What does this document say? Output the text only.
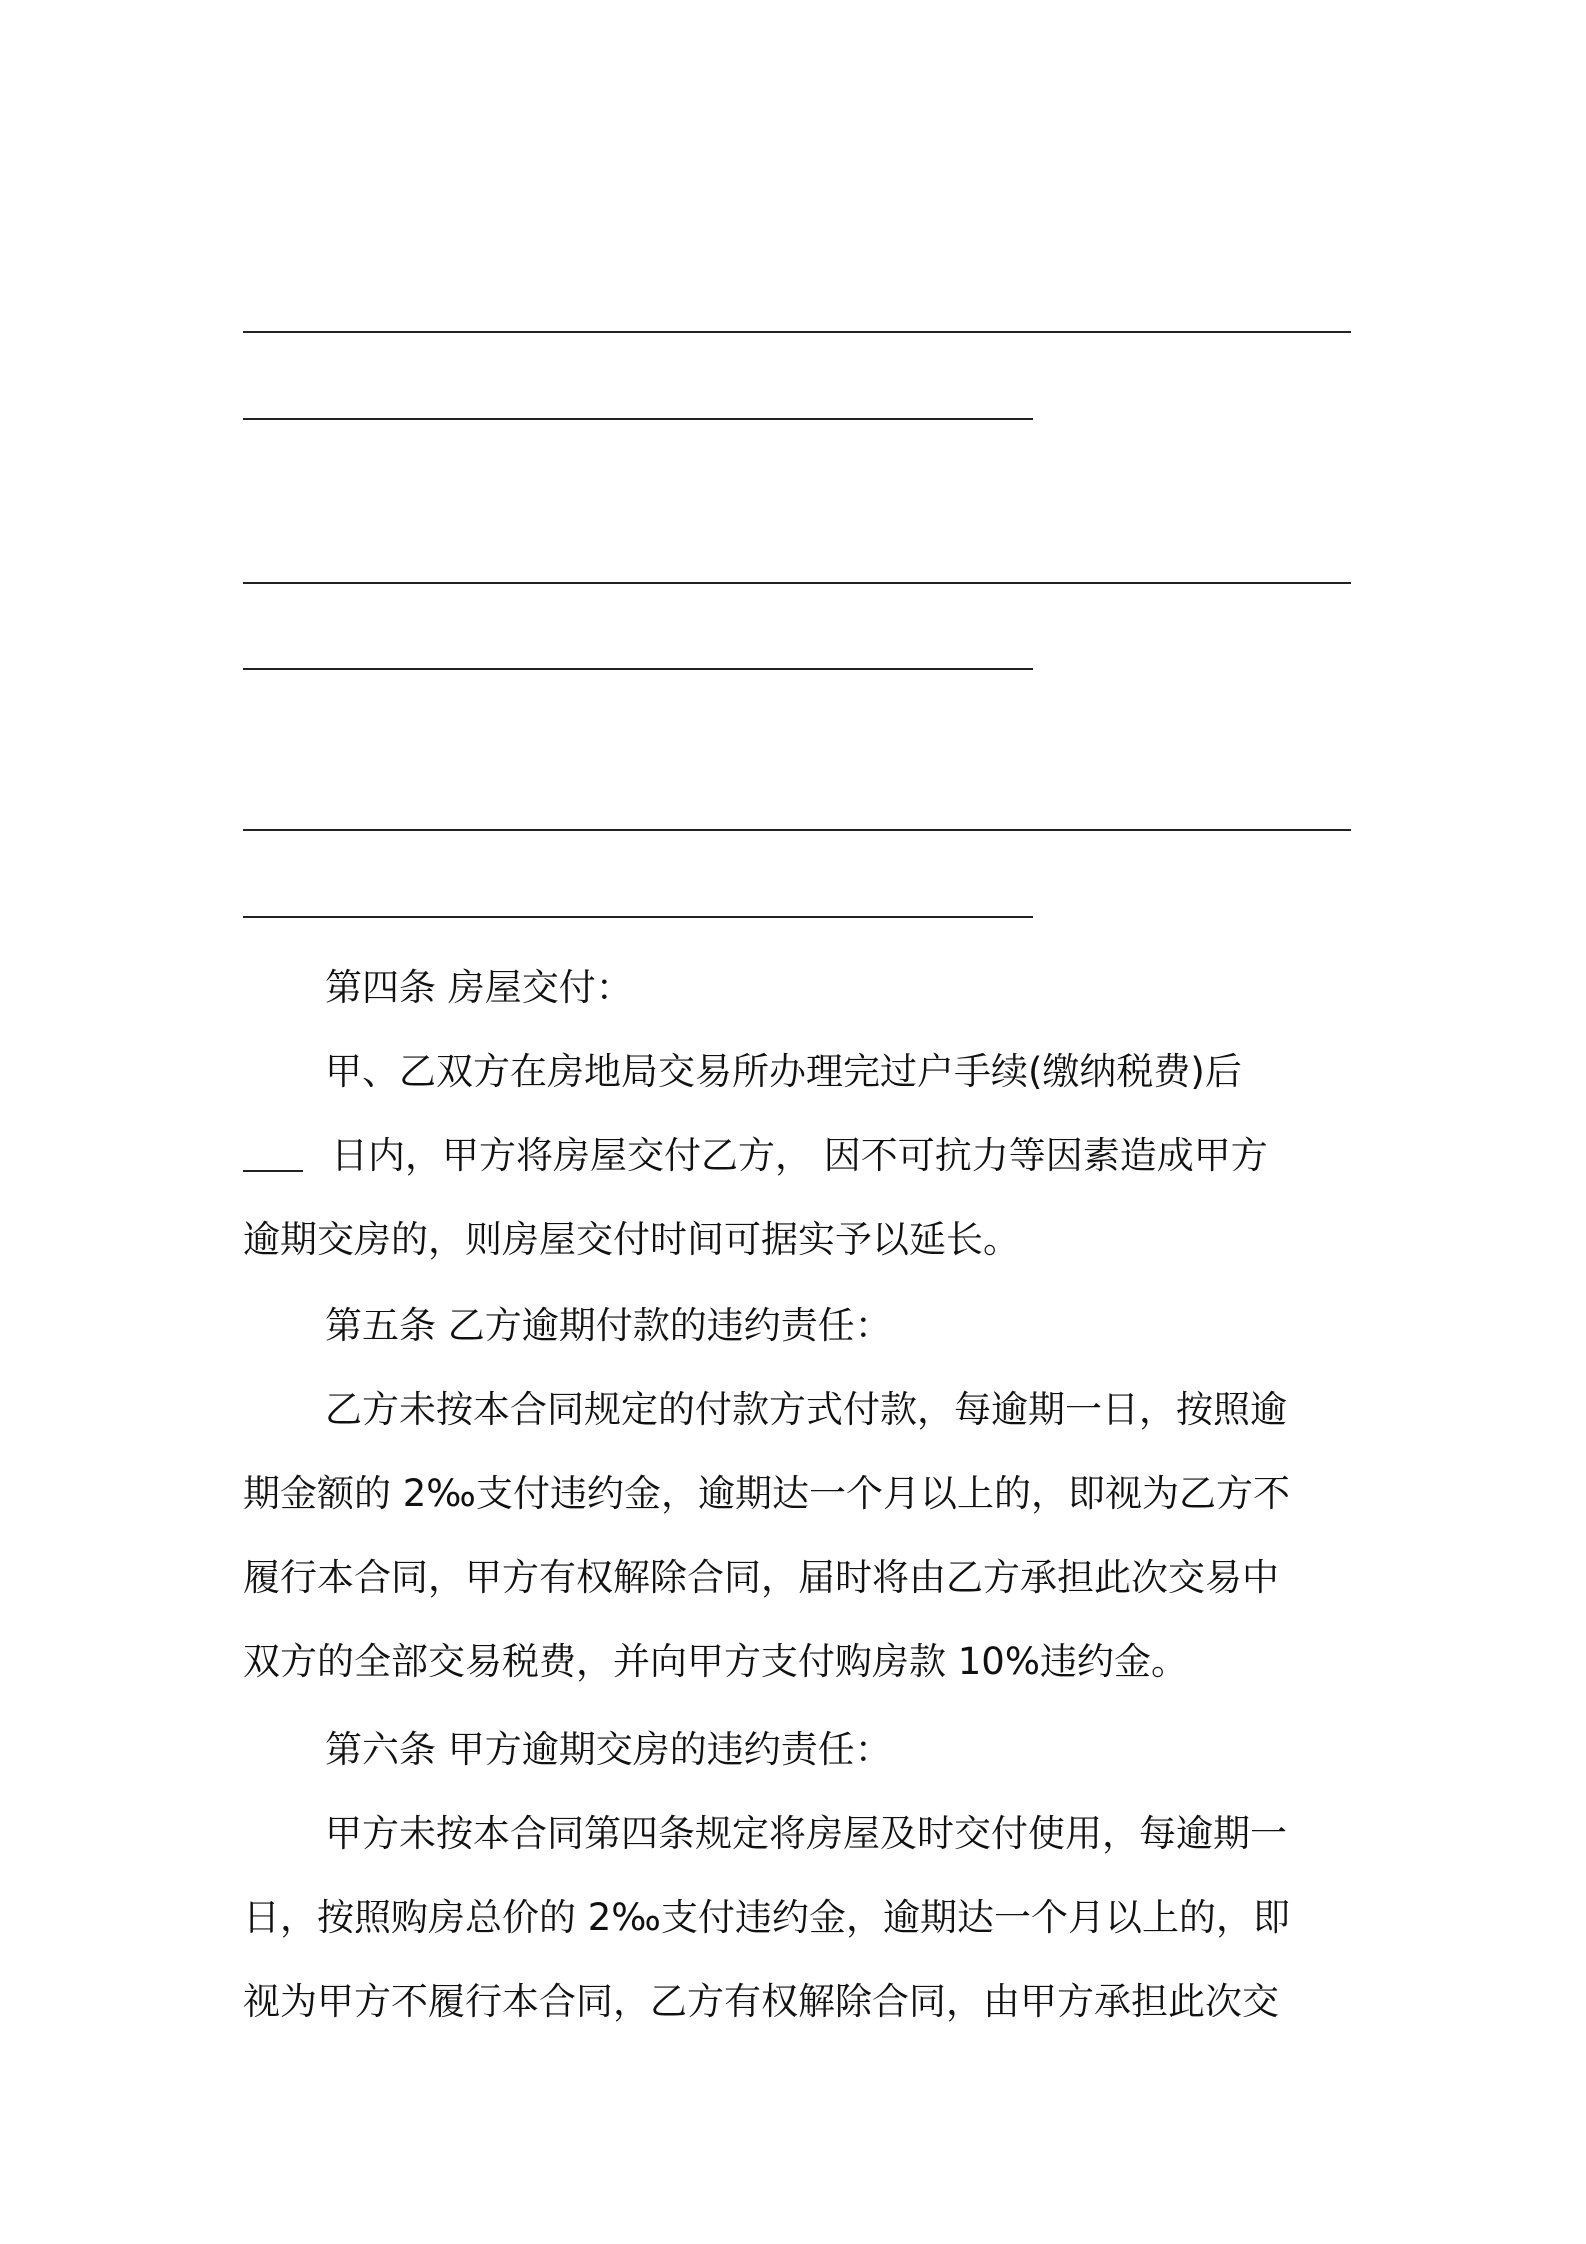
第四条 房屋交付：
甲、乙双方在房地局交易所办理完过户手续(缴纳税费)后
日内，甲方将房屋交付乙方， 因不可抗力等因素造成甲方
逾期交房的，则房屋交付时间可据实予以延长。
第五条 乙方逾期付款的违约责任：
乙方未按本合同规定的付款方式付款，每逾期一日，按照逾
期金额的 2‰支付违约金，逾期达一个月以上的，即视为乙方不
履行本合同，甲方有权解除合同，届时将由乙方承担此次交易中
双方的全部交易税费，并向甲方支付购房款 10%违约金。
第六条 甲方逾期交房的违约责任：
甲方未按本合同第四条规定将房屋及时交付使用，每逾期一
日，按照购房总价的 2‰支付违约金，逾期达一个月以上的，即
视为甲方不履行本合同，乙方有权解除合同，由甲方承担此次交
